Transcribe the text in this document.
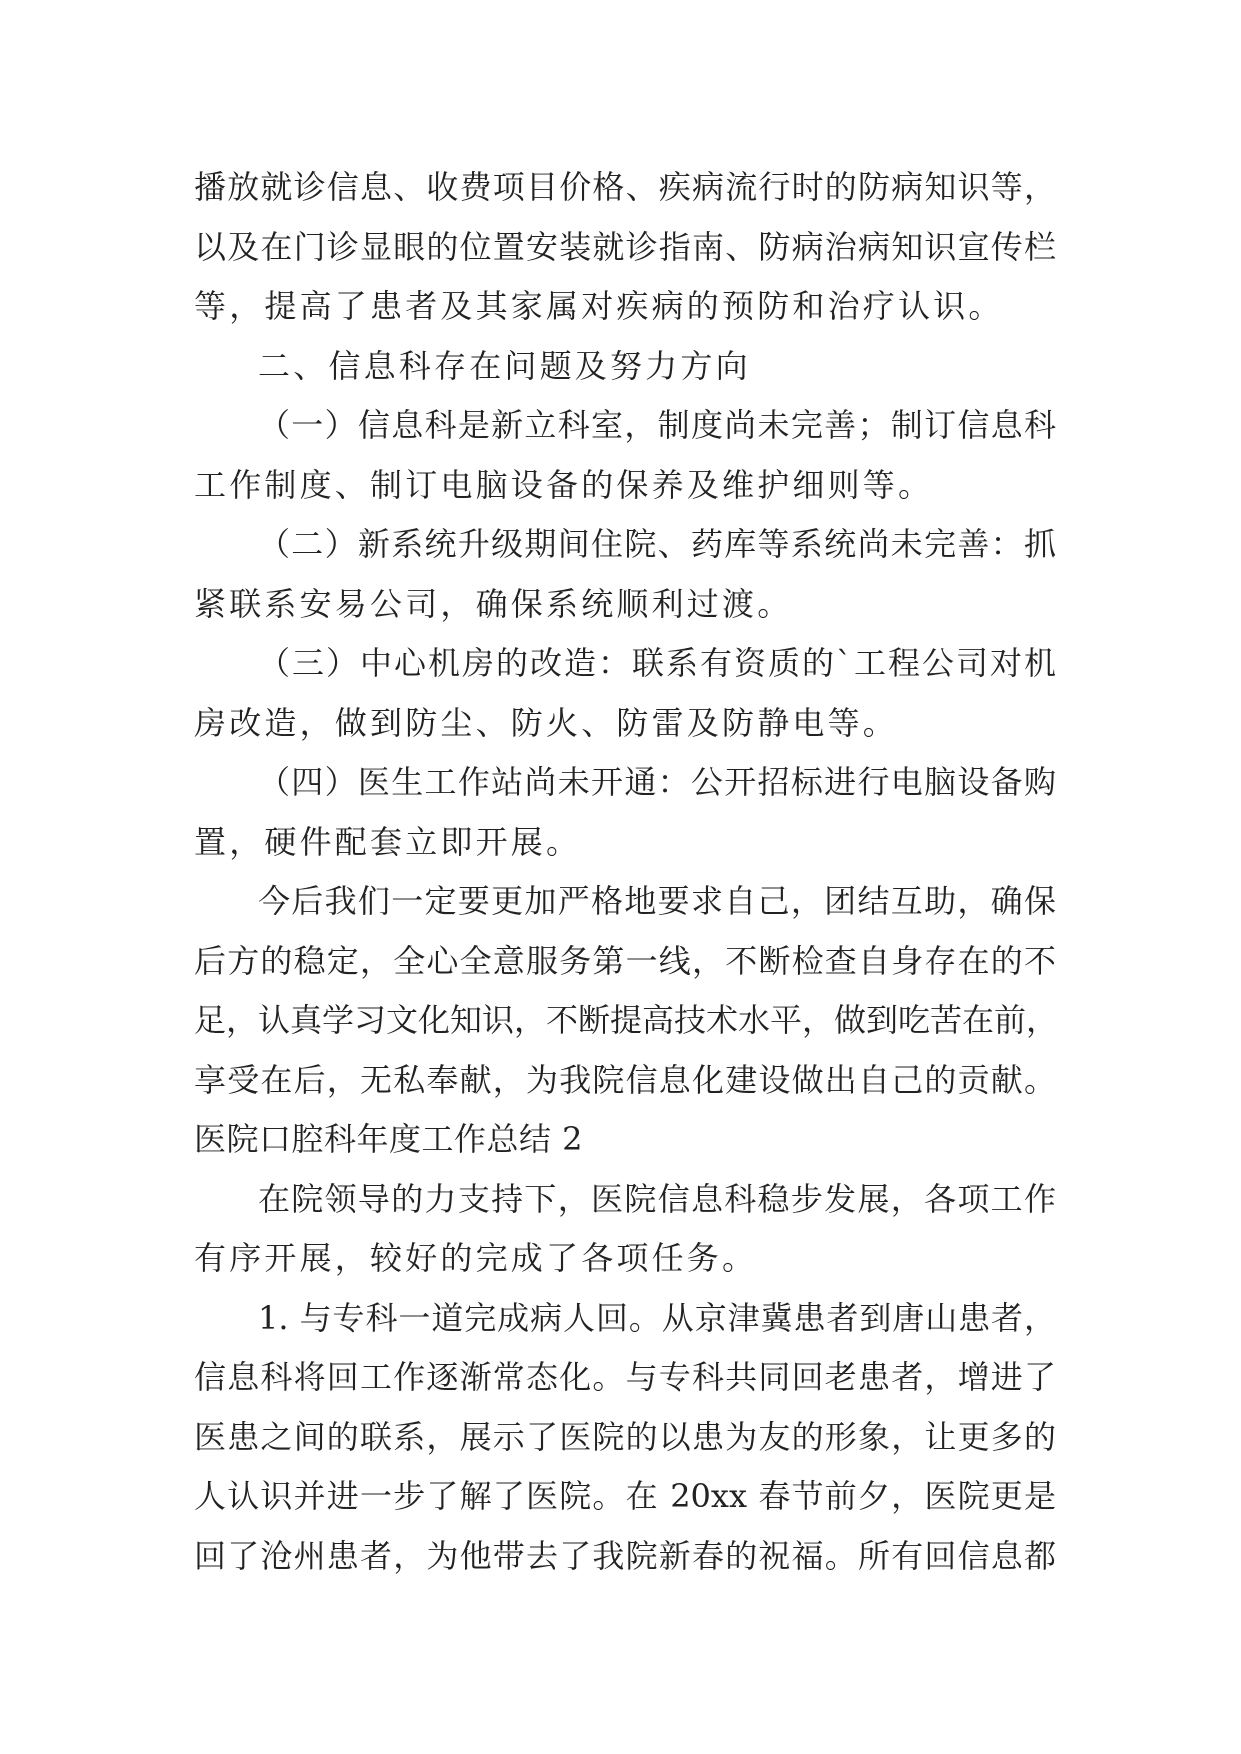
播放就诊信息、收费项目价格、疾病流行时的防病知识等，
以及在门诊显眼的位置安装就诊指南、防病治病知识宣传栏
等，提高了患者及其家属对疾病的预防和治疗认识。
二、信息科存在问题及努力方向
（一）信息科是新立科室，制度尚未完善；制订信息科
工作制度、制订电脑设备的保养及维护细则等。
（二）新系统升级期间住院、药库等系统尚未完善：抓
紧联系安易公司，确保系统顺利过渡。
（三）中心机房的改造：联系有资质的`工程公司对机
房改造，做到防尘、防火、防雷及防静电等。
（四）医生工作站尚未开通：公开招标进行电脑设备购
置，硬件配套立即开展。
今后我们一定要更加严格地要求自己，团结互助，确保
后方的稳定，全心全意服务第一线，不断检查自身存在的不
足，认真学习文化知识，不断提高技术水平，做到吃苦在前，
享受在后，无私奉献，为我院信息化建设做出自己的贡献。
医院口腔科年度工作总结 2
在院领导的力支持下，医院信息科稳步发展，各项工作
有序开展，较好的完成了各项任务。
1. 与专科一道完成病人回。从京津冀患者到唐山患者，
信息科将回工作逐渐常态化。与专科共同回老患者，增进了
医患之间的联系，展示了医院的以患为友的形象，让更多的
人认识并进一步了解了医院。在 20xx 春节前夕，医院更是
回了沧州患者，为他带去了我院新春的祝福。所有回信息都
